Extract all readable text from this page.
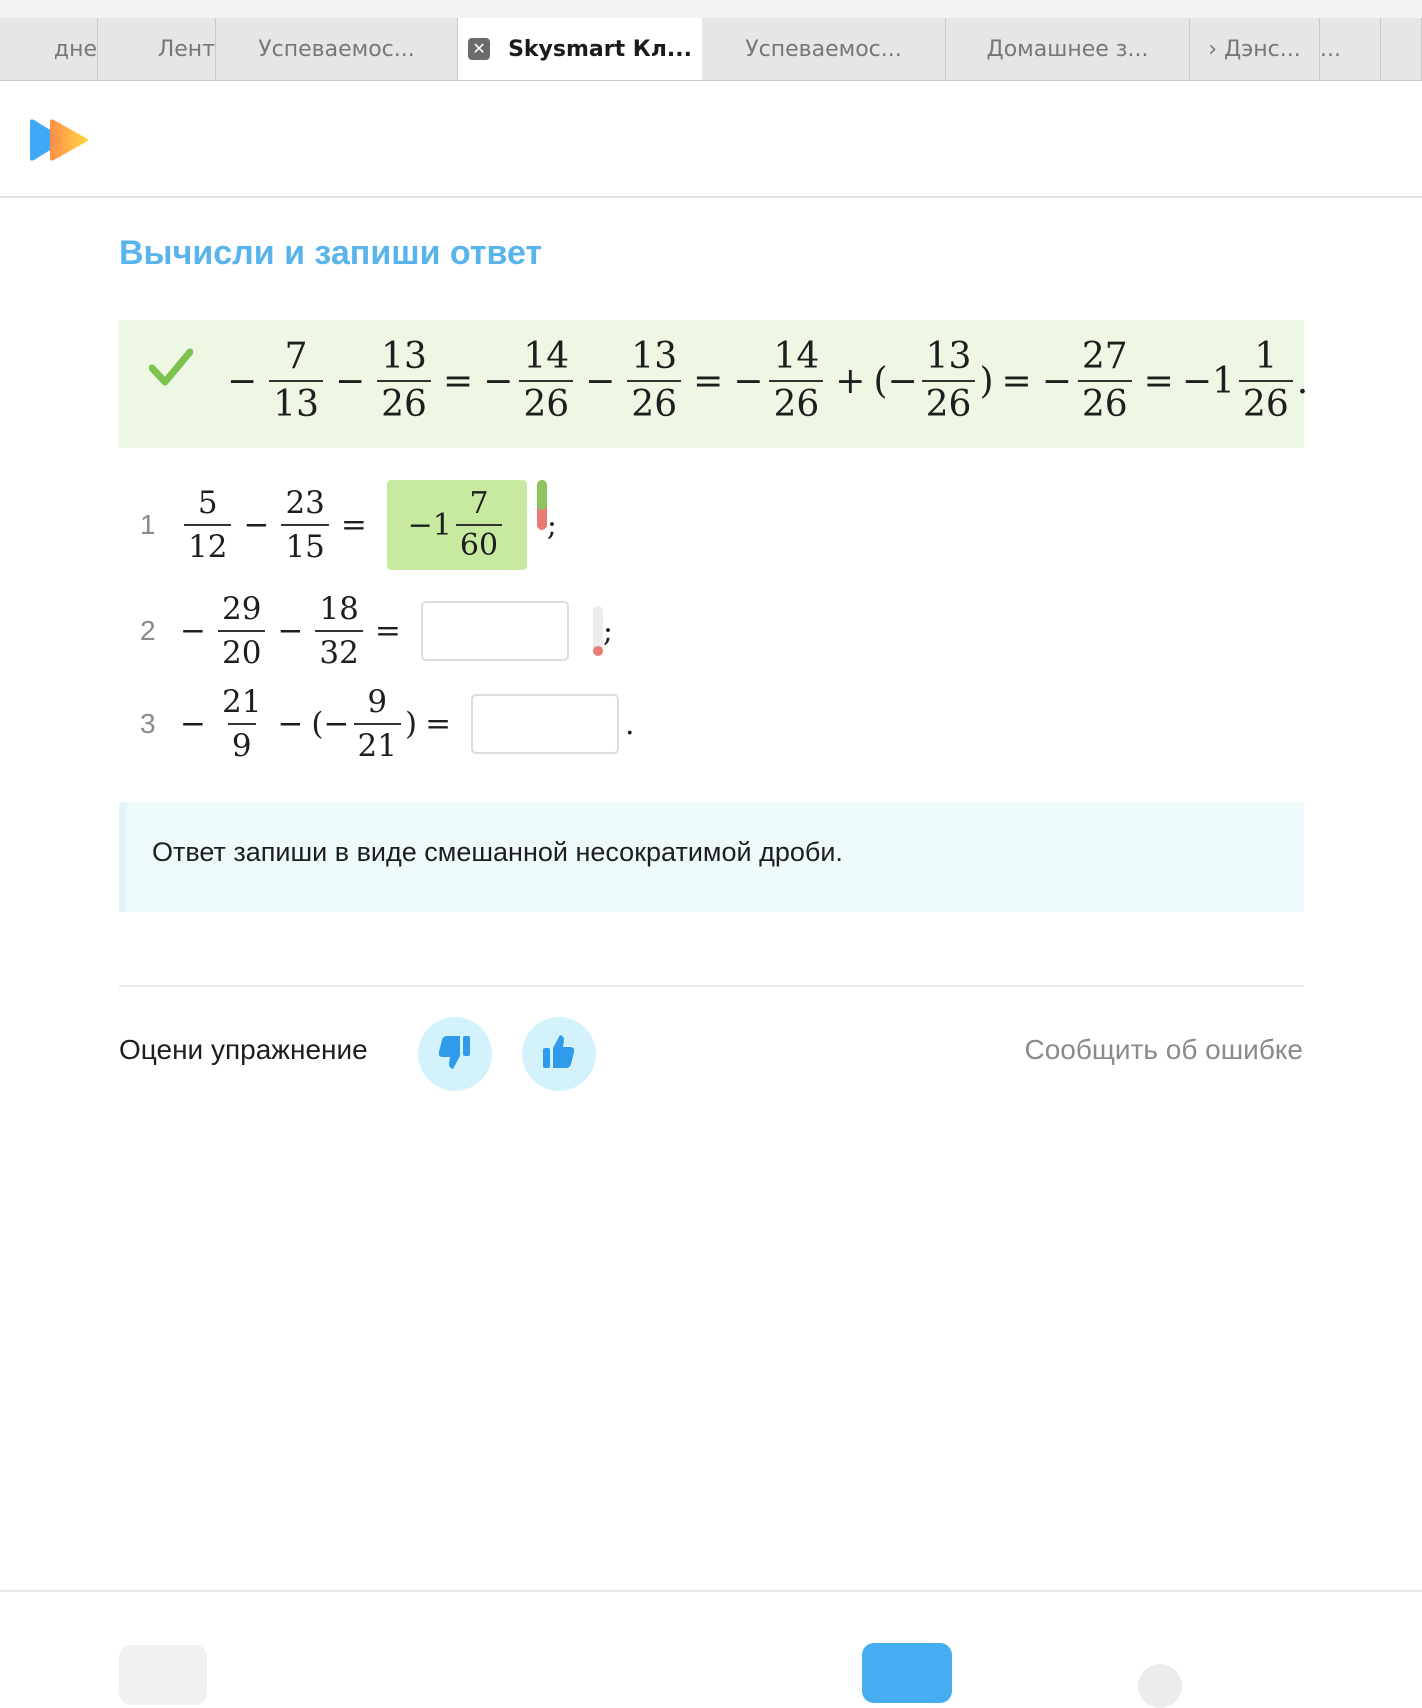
дне	Лент Успеваемос...	✕ Skysmart Кл... Успеваемос...	Домашнее з...	› Дэнс... ...
Вычисли и запиши ответ
− $\frac{7}{13} - \frac{13}{26}$ = − $\frac{14}{26} - \frac{13}{26}$ = − $\frac{14}{26}$ + ( − $\frac{13}{26}$ ) = − $\frac{27}{26} = -1 \frac{1}{26}$ .
$1 \frac{5}{12} - \frac{23}{15} = -1 \frac{7}{60}$ ;
$2 - \frac{29}{20} - \frac{18}{32}$ =	;
$3 - \frac{21}{9}$ − (− $\frac{9}{21}$ ) =	.
Ответ запиши в виде смешанной несократимой дроби.
Оцени упражнение	Сообщить об ошибке
